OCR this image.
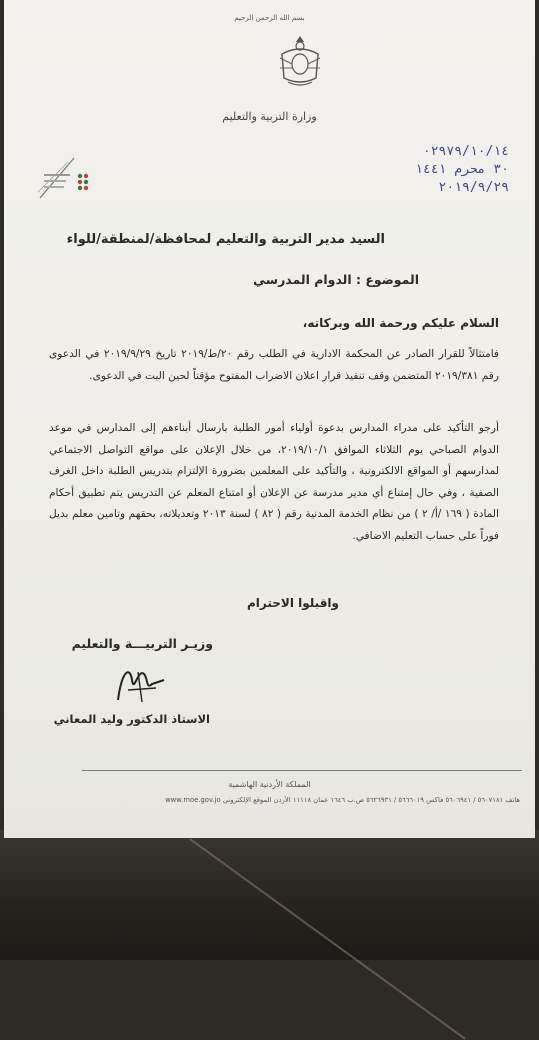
بسم الله الرحمن الرحيم
وزارة التربية والتعليم
٠٢٩٧٩/١٠/١٤
٣٠ محرم ١٤٤١
٢٠١٩/٩/٢٩
السيد مدير التربية والتعليم لمحافظة/لمنطقة/للواء
الموضوع : الدوام المدرسي
السلام عليكم ورحمة الله وبركاته،
فامتثالاً للقرار الصادر عن المحكمة الادارية في الطلب رقم ٢٠/ط/٢٠١٩ تاريخ ٢٠١٩/٩/٢٩ في الدعوى رقم ٢٠١٩/٣٨١ المتضمن وقف تنفيذ قرار اعلان الاضراب المفتوح مؤقتاً لحين البت في الدعوى.
أرجو التأكيد على مدراء المدارس بدعوة أولياء أمور الطلبة بارسال أبناءهم إلى المدارس في موعد الدوام الصباحي يوم الثلاثاء الموافق ٢٠١٩/١٠/١، من خلال الإعلان على مواقع التواصل الاجتماعي لمدارسهم أو المواقع الالكترونية ، والتأكيد على المعلمين بضرورة الإلتزام بتدريس الطلبة داخل الغرف الصفية ، وفي حال إمتناع أي مدير مدرسة عن الإعلان أو امتناع المعلم عن التدريس يتم تطبيق أحكام المادة ( ١٦٩ /أ/ ٢ ) من نظام الخدمة المدنية رقم ( ٨٢ ) لسنة ٢٠١٣ وتعديلاته، بحقهم وتامين معلم بديل فوراً على حساب التعليم الاضافي.
واقبلوا الاحترام
وزيـر التربيـــة والتعليم
الاستاذ الدكتور وليد المعاني
المملكة الأردنية الهاشمية
هاتف ٥٦٠٧١٨١ / ٥٦٠٦٩٤١ فاكس ٥٦٦٦٠١٩ / ٥٦٢٦٩٣١ ص.ب ١٦٤٦ عمان ١١١١٨ الأردن الموقع الإلكتروني www.moe.gov.jo
